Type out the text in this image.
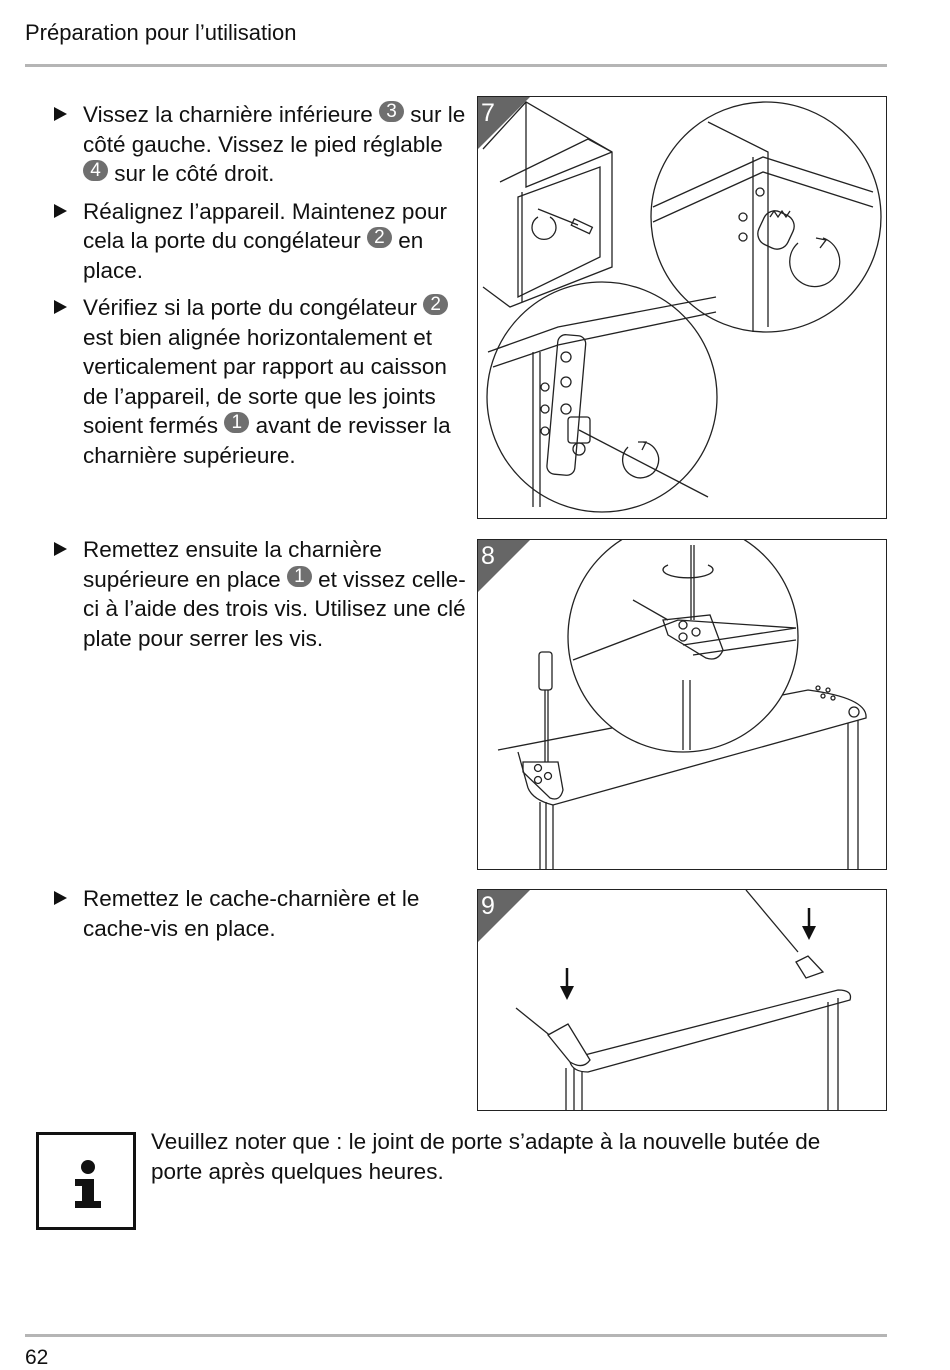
Préparation pour l’utilisation
Vissez la charnière inférieure 3 sur le côté gauche. Vissez le pied réglable 4 sur le côté droit.
Réalignez l’appareil. Maintenez pour cela la porte du congélateur 2 en place.
Vérifiez si la porte du congélateur 2 est bien alignée horizontalement et verticalement par rapport au caisson de l’appareil, de sorte que les joints soient fermés 1 avant de revisser la charnière supérieure.
7
Remettez ensuite la charnière supérieure en place 1 et vissez celle-ci à l’aide des trois vis. Utilisez une clé plate pour serrer les vis.
8
Remettez le cache-charnière et le cache-vis en place.
9
Veuillez noter que : le joint de porte s’adapte à la nouvelle butée de porte après quelques heures.
62
